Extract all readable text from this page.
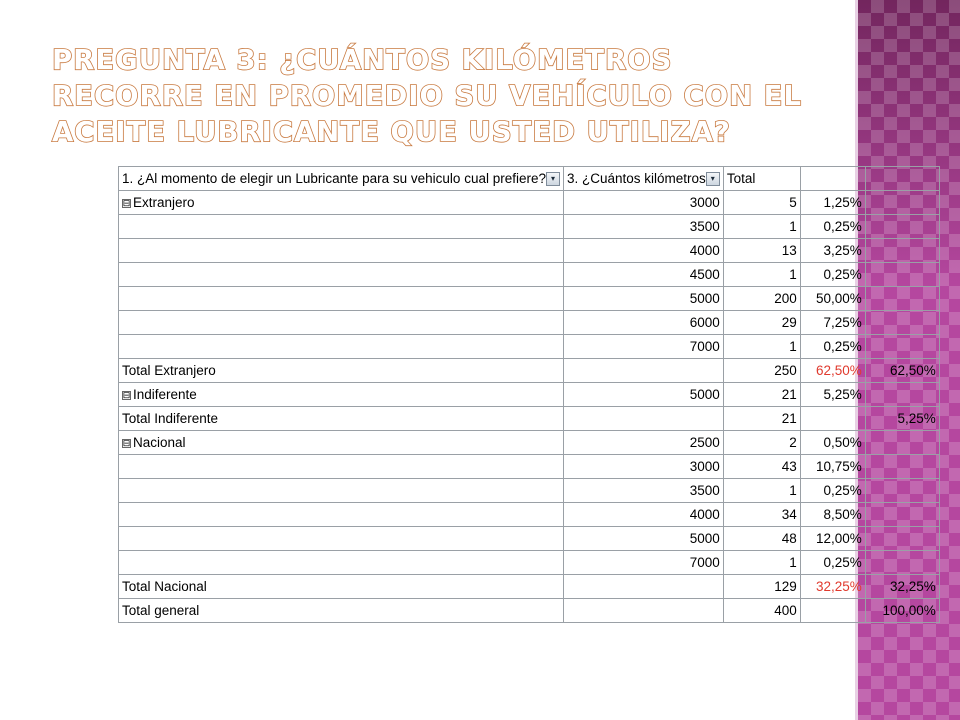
PREGUNTA 3: ¿CUÁNTOS KILÓMETROS RECORRE EN PROMEDIO SU VEHÍCULO CON EL ACEITE LUBRICANTE QUE USTED UTILIZA?
1. ¿Al momento de elegir un Lubricante para su vehiculo cual prefiere? ▾	3. ¿Cuántos kilómetros ▾	Total		
⊟ Extranjero	3000	5	1,25%	
	3500	1	0,25%	
	4000	13	3,25%	
	4500	1	0,25%	
	5000	200	50,00%	
	6000	29	7,25%	
	7000	1	0,25%	
Total Extranjero		250	62,50%	62,50%
⊟ Indiferente	5000	21	5,25%	
Total Indiferente		21		5,25%
⊟ Nacional	2500	2	0,50%	
	3000	43	10,75%	
	3500	1	0,25%	
	4000	34	8,50%	
	5000	48	12,00%	
	7000	1	0,25%	
Total Nacional		129	32,25%	32,25%
Total general		400		100,00%
